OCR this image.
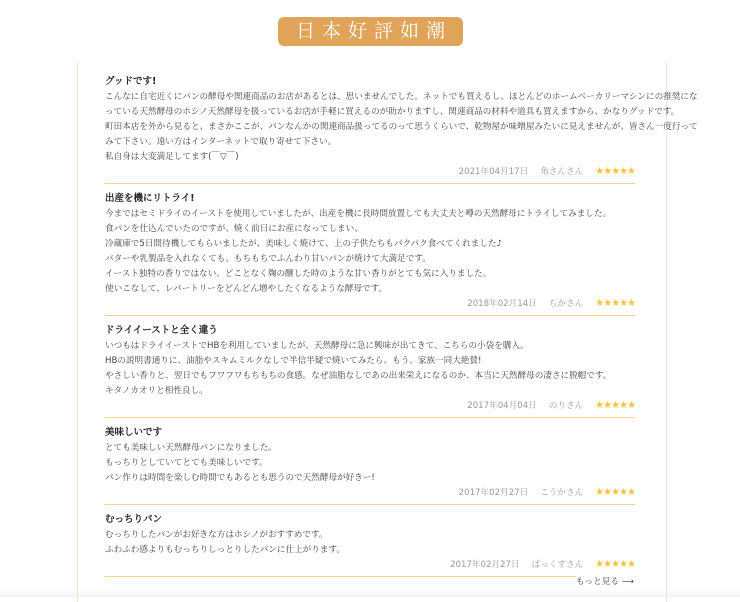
日本好評如潮
グッドです!
こんなに自宅近くにパンの酵母や関連商品のお店があるとは、思いませんでした。ネットでも買えるし、ほとんどのホームベーカリーマシンにの推奨にな
っている天然酵母のホシノ天然酵母を扱っているお店が手軽に買えるのが助かりますし、関連商品の材料や道具も買えますから、かなりグッドです。
町田本店を外から見ると、まさかここが、パンなんかの関連商品扱ってるのって思うくらいで、乾物屋か味噌屋みたいに見えませんが、皆さん一度行って
みて下さい。遠い方はインターネットで取り寄せて下さい。
私自身は大変満足してます(￣▽￣)
2021年04月17日 角さんさん ★★★★★
出産を機にリトライ!
今まではセミドライのイーストを使用していましたが、出産を機に長時間放置しても大丈夫と噂の天然酵母にトライしてみました。
食パンを仕込んでいたのですが、焼く前日にお産になってしまい、
冷蔵庫で5日間待機してもらいましたが、美味しく焼けて、上の子供たちもパクパク食べてくれました♪
バターや乳製品を入れなくても、もちもちでふんわり甘いパンが焼けて大満足です。
イースト独特の香りではない、どことなく麹の醸した時のような甘い香りがとても気に入りました。
使いこなして、レパートリーをどんどん増やしたくなるような酵母です。
2018年02月14日 ちかさん ★★★★★
ドライイーストと全く違う
いつもはドライイーストでHBを利用していましたが、天然酵母に急に興味が出てきて、こちらの小袋を購入。
HBの説明書通りに、油脂やスキムミルクなしで半信半疑で焼いてみたら、もう、家族一同大絶賛!
やさしい香りと、翌日でもフワフワもちもちの食感。なぜ油脂なしであの出来栄えになるのか、本当に天然酵母の凄さに脱帽です。
キタノカオリと相性良し。
2017年04月04日 のりさん ★★★★★
美味しいです
とても美味しい天然酵母パンになりました。
もっちりとしていてとても美味しいです。
パン作りは時間を楽しむ時間でもあるとも思うので天然酵母が好きー!
2017年02月27日 こうかさん ★★★★★
むっちりパン
むっちりしたパンがお好きな方はホシノがおすすめです。
ふわふわ感よりもむっちりしっとりしたパンに仕上がります。
2017年02月27日 ぱっくすさん ★★★★★
もっと見る ⟶
